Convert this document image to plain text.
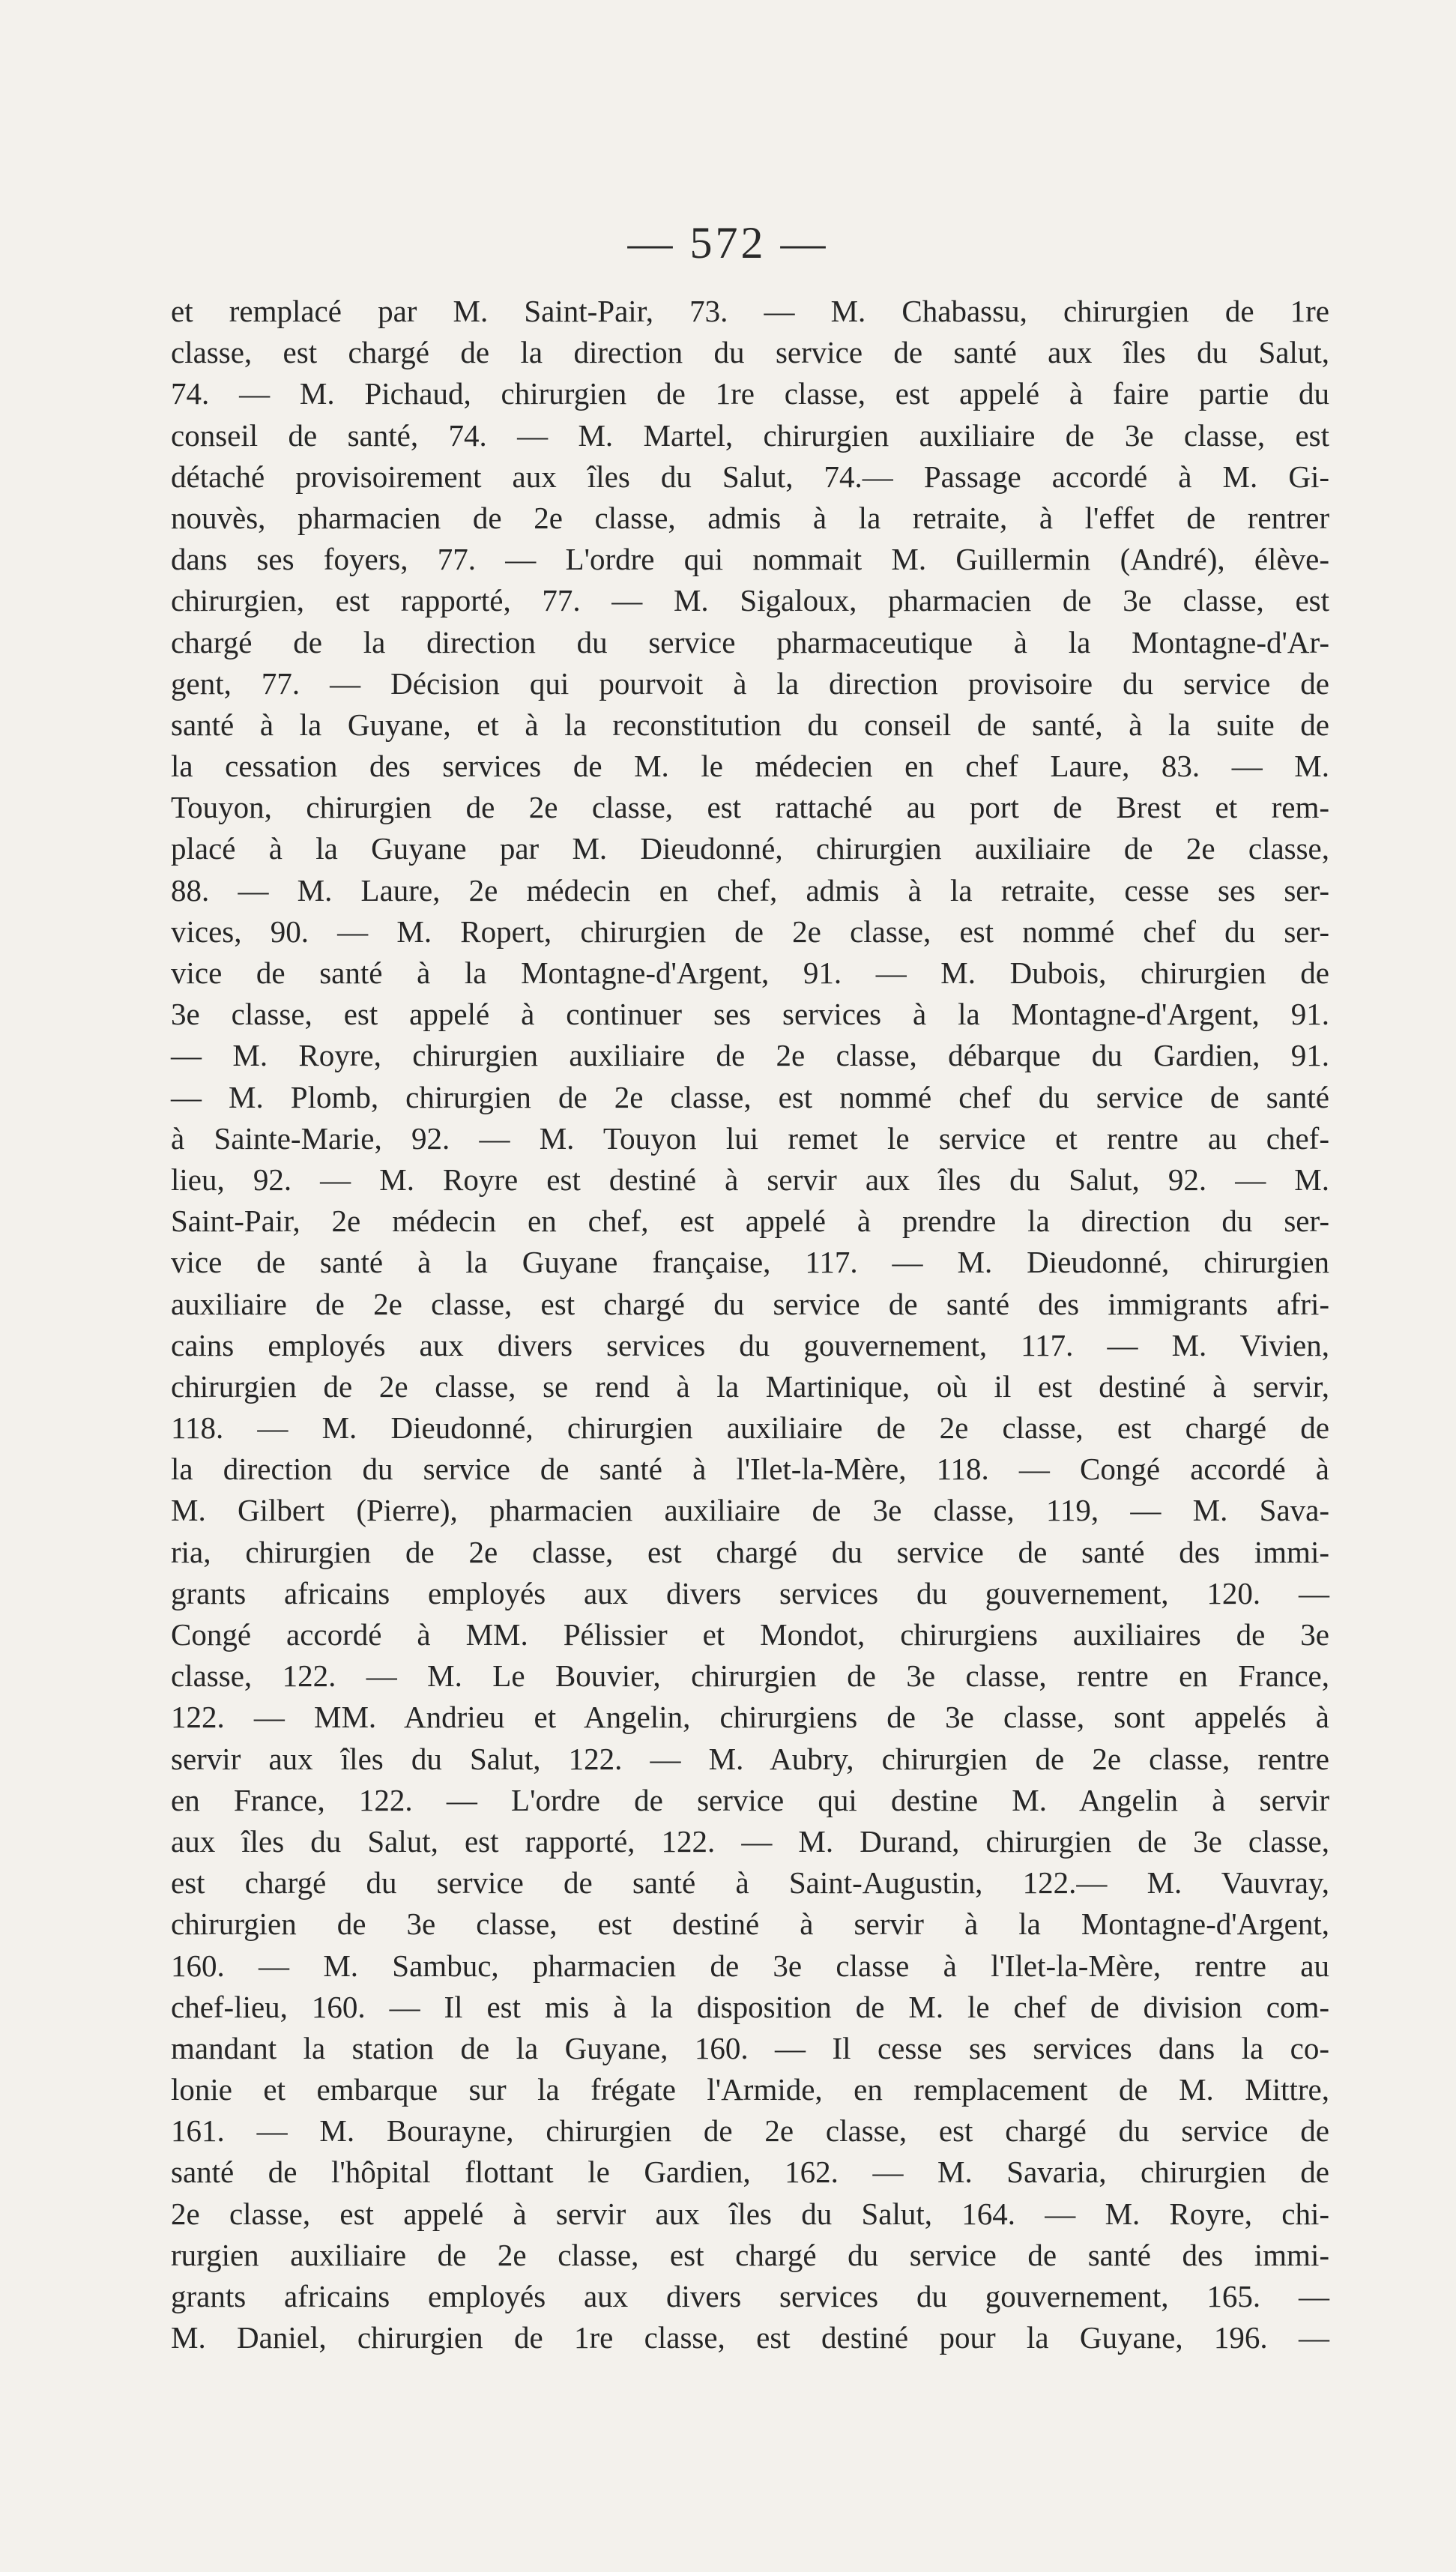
— 572 —
et remplacé par M. Saint-Pair, 73. — M. Chabassu, chirurgien de 1re
classe, est chargé de la direction du service de santé aux îles du Salut,
74. — M. Pichaud, chirurgien de 1re classe, est appelé à faire partie du
conseil de santé, 74. — M. Martel, chirurgien auxiliaire de 3e classe, est
détaché provisoirement aux îles du Salut, 74.— Passage accordé à M. Gi-
nouvès, pharmacien de 2e classe, admis à la retraite, à l'effet de rentrer
dans ses foyers, 77. — L'ordre qui nommait M. Guillermin (André), élève-
chirurgien, est rapporté, 77. — M. Sigaloux, pharmacien de 3e classe, est
chargé de la direction du service pharmaceutique à la Montagne-d'Ar-
gent, 77. — Décision qui pourvoit à la direction provisoire du service de
santé à la Guyane, et à la reconstitution du conseil de santé, à la suite de
la cessation des services de M. le médecien en chef Laure, 83. — M.
Touyon, chirurgien de 2e classe, est rattaché au port de Brest et rem-
placé à la Guyane par M. Dieudonné, chirurgien auxiliaire de 2e classe,
88. — M. Laure, 2e médecin en chef, admis à la retraite, cesse ses ser-
vices, 90. — M. Ropert, chirurgien de 2e classe, est nommé chef du ser-
vice de santé à la Montagne-d'Argent, 91. — M. Dubois, chirurgien de
3e classe, est appelé à continuer ses services à la Montagne-d'Argent, 91.
— M. Royre, chirurgien auxiliaire de 2e classe, débarque du Gardien, 91.
— M. Plomb, chirurgien de 2e classe, est nommé chef du service de santé
à Sainte-Marie, 92. — M. Touyon lui remet le service et rentre au chef-
lieu, 92. — M. Royre est destiné à servir aux îles du Salut, 92. — M.
Saint-Pair, 2e médecin en chef, est appelé à prendre la direction du ser-
vice de santé à la Guyane française, 117. — M. Dieudonné, chirurgien
auxiliaire de 2e classe, est chargé du service de santé des immigrants afri-
cains employés aux divers services du gouvernement, 117. — M. Vivien,
chirurgien de 2e classe, se rend à la Martinique, où il est destiné à servir,
118. — M. Dieudonné, chirurgien auxiliaire de 2e classe, est chargé de
la direction du service de santé à l'Ilet-la-Mère, 118. — Congé accordé à
M. Gilbert (Pierre), pharmacien auxiliaire de 3e classe, 119, — M. Sava-
ria, chirurgien de 2e classe, est chargé du service de santé des immi-
grants africains employés aux divers services du gouvernement, 120. —
Congé accordé à MM. Pélissier et Mondot, chirurgiens auxiliaires de 3e
classe, 122. — M. Le Bouvier, chirurgien de 3e classe, rentre en France,
122. — MM. Andrieu et Angelin, chirurgiens de 3e classe, sont appelés à
servir aux îles du Salut, 122. — M. Aubry, chirurgien de 2e classe, rentre
en France, 122. — L'ordre de service qui destine M. Angelin à servir
aux îles du Salut, est rapporté, 122. — M. Durand, chirurgien de 3e classe,
est chargé du service de santé à Saint-Augustin, 122.— M. Vauvray,
chirurgien de 3e classe, est destiné à servir à la Montagne-d'Argent,
160. — M. Sambuc, pharmacien de 3e classe à l'Ilet-la-Mère, rentre au
chef-lieu, 160. — Il est mis à la disposition de M. le chef de division com-
mandant la station de la Guyane, 160. — Il cesse ses services dans la co-
lonie et embarque sur la frégate l'Armide, en remplacement de M. Mittre,
161. — M. Bourayne, chirurgien de 2e classe, est chargé du service de
santé de l'hôpital flottant le Gardien, 162. — M. Savaria, chirurgien de
2e classe, est appelé à servir aux îles du Salut, 164. — M. Royre, chi-
rurgien auxiliaire de 2e classe, est chargé du service de santé des immi-
grants africains employés aux divers services du gouvernement, 165. —
M. Daniel, chirurgien de 1re classe, est destiné pour la Guyane, 196. —
